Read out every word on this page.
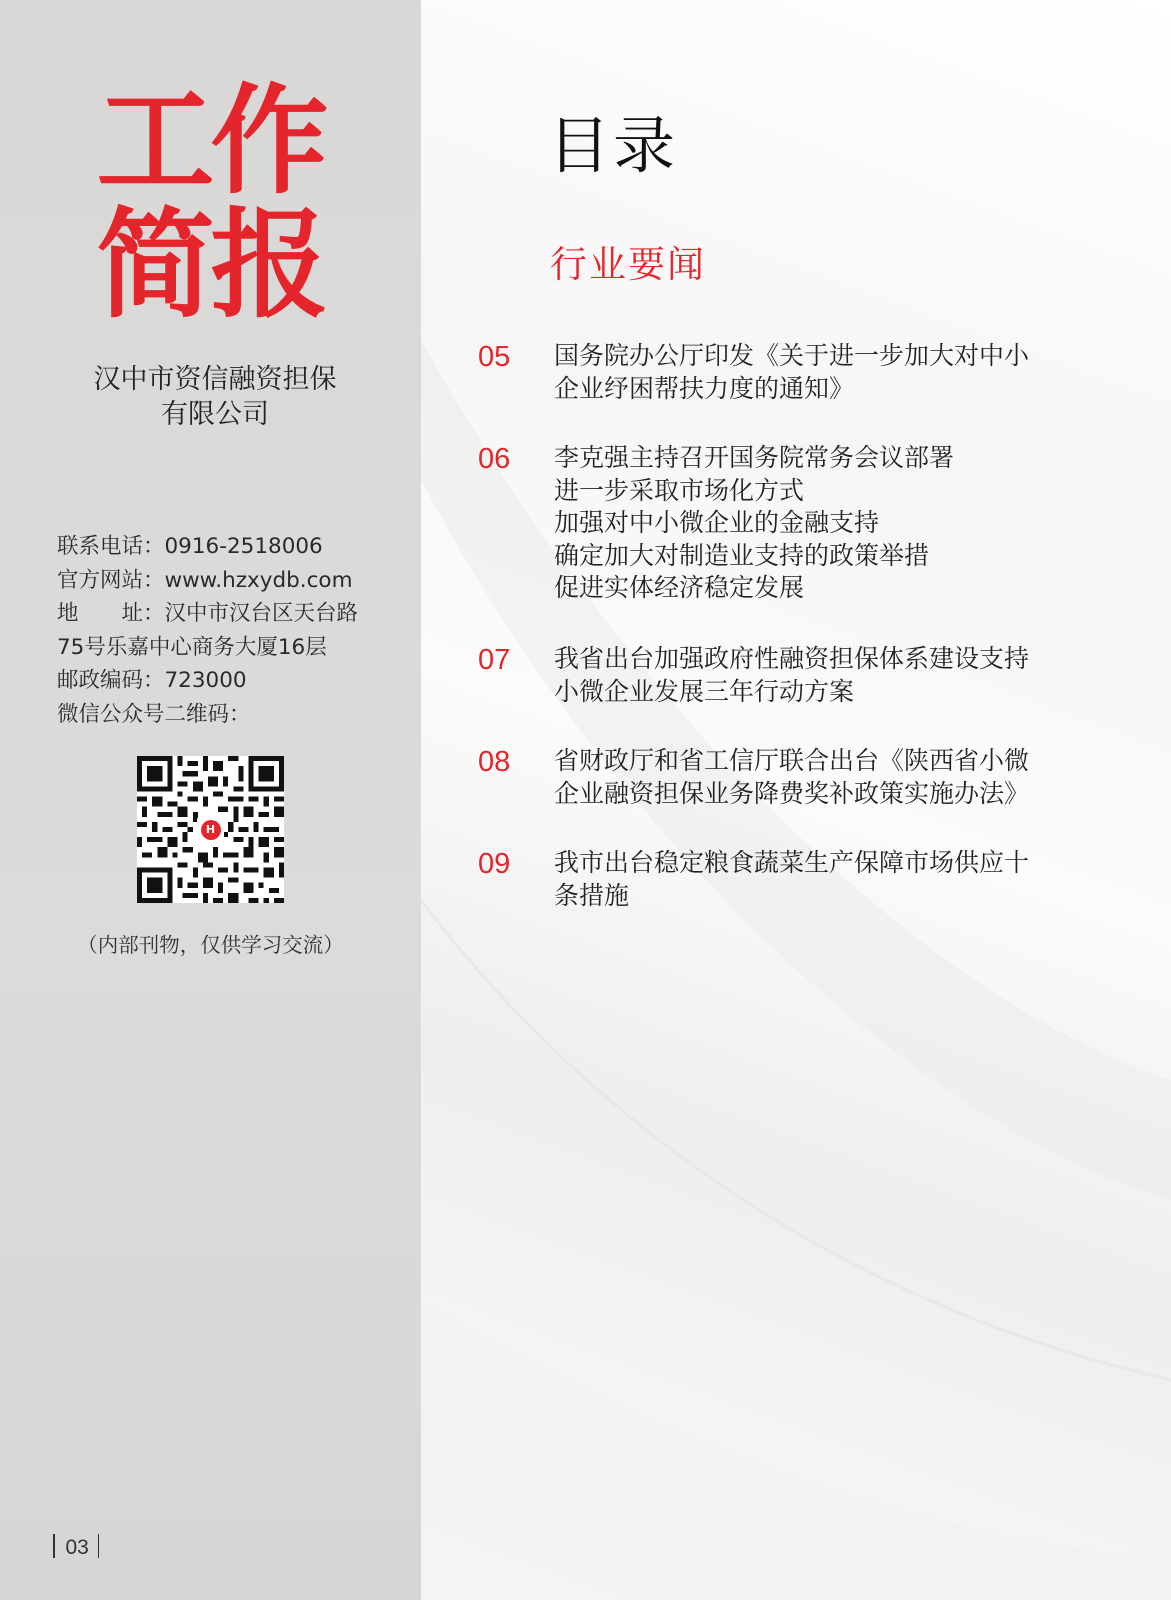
工作
简报
汉中市资信融资担保
有限公司
联系电话：0916-2518006
官方网站：www.hzxydb.com
地　　址：汉中市汉台区天台路
75号乐嘉中心商务大厦16层
邮政编码：723000
微信公众号二维码：
H
（内部刊物，仅供学习交流）
03
目录
行业要闻
05 国务院办公厅印发《关于进一步加大对中小
企业纾困帮扶力度的通知》
06 李克强主持召开国务院常务会议部署
进一步采取市场化方式
加强对中小微企业的金融支持
确定加大对制造业支持的政策举措
促进实体经济稳定发展
07 我省出台加强政府性融资担保体系建设支持
小微企业发展三年行动方案
08 省财政厅和省工信厅联合出台《陕西省小微
企业融资担保业务降费奖补政策实施办法》
09 我市出台稳定粮食蔬菜生产保障市场供应十
条措施
